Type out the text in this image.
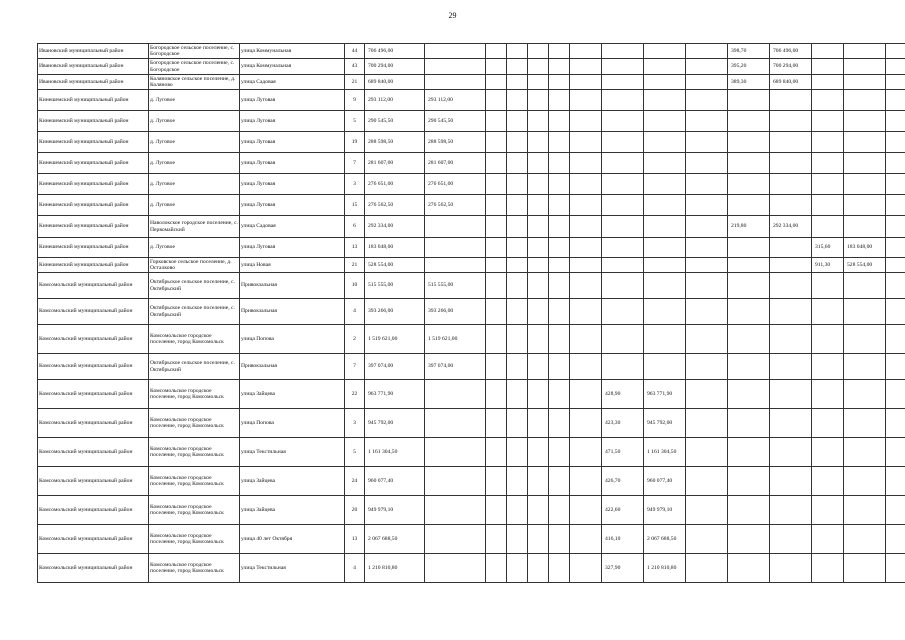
29
Ивановский муниципальный район	Богородское сельское поселение, с. Богородское	улица Коммунальная	44	706 496,00										398,70	706 496,00			
Ивановский муниципальный район	Богородское сельское поселение, с. Богородское	улица Коммунальная	43	700 294,00										395,20	700 294,00			
Ивановский муниципальный район	Коляновское сельское поселение, д. Коляново	улица Садовая	21	689 840,00										389,30	689 840,00			
Кинешемский муниципальный район	д. Луговое	улица Луговая	9	293 112,00	293 112,00													
Кинешемский муниципальный район	д. Луговое	улица Луговая	5	290 545,50	290 545,50													
Кинешемский муниципальный район	д. Луговое	улица Луговая	19	288 598,50	288 598,50													
Кинешемский муниципальный район	д. Луговое	улица Луговая	7	281 607,00	281 607,00													
Кинешемский муниципальный район	д. Луговое	улица Луговая	3	276 651,00	276 651,00													
Кинешемский муниципальный район	д. Луговое	улица Луговая	15	276 562,50	276 562,50													
Кинешемский муниципальный район	Наволокское городское поселение, с. Первомайский	улица Садовая	6	292 334,00										219,80	292 334,00			
Кинешемский муниципальный район	д. Луговое	улица Луговая	13	183 048,00												315,60	183 048,00	
Кинешемский муниципальный район	Горковское сельское поселение, д. Осталково	улица Новая	21	528 554,00												911,30	528 554,00	
Комсомольский муниципальный район	Октябрьское сельское поселение, с. Октябрьский	Привокзальная	10	515 555,00	515 555,00													
Комсомольский муниципальный район	Октябрьское сельское поселение, с. Октябрьский	Привокзальная	4	393 266,00	393 266,00													
Комсомольский муниципальный район	Комсомольское городское поселение, город Комсомольск	улица Попова	2	1 519 621,00	1 519 621,00													
Комсомольский муниципальный район	Октябрьское сельское поселение, с. Октябрьский	Привокзальная	7	397 074,00	397 074,00													
Комсомольский муниципальный район	Комсомольское городское поселение, город Комсомольск	улица Зайцева	22	963 771,90							428,90	963 771,90						
Комсомольский муниципальный район	Комсомольское городское поселение, город Комсомольск	улица Попова	3	945 792,00							423,30	945 792,00						
Комсомольский муниципальный район	Комсомольское городское поселение, город Комсомольск	улица Текстильная	5	1 161 304,50							471,50	1 161 304,50						
Комсомольский муниципальный район	Комсомольское городское поселение, город Комсомольск	улица Зайцева	24	960 077,40							426,70	960 077,40						
Комсомольский муниципальный район	Комсомольское городское поселение, город Комсомольск	улица Зайцева	20	949 979,10							422,60	949 979,10						
Комсомольский муниципальный район	Комсомольское городское поселение, город Комсомольск	улица 40 лет Октября	13	2 067 688,50							416,10	2 067 688,50						
Комсомольский муниципальный район	Комсомольское городское поселение, город Комсомольск	улица Текстильная	4	1 210 810,80							327,90	1 210 810,80						
